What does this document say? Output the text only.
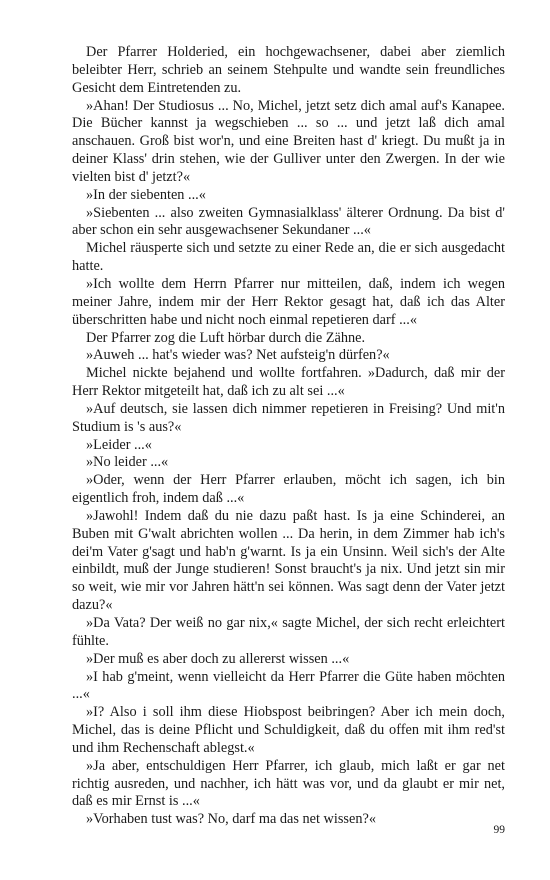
Der Pfarrer Holderied, ein hochgewachsener, dabei aber ziemlich beleibter Herr, schrieb an seinem Stehpulte und wandte sein freundliches Gesicht dem Eintretenden zu.

»Ahan! Der Studiosus ... No, Michel, jetzt setz dich amal auf's Kanapee. Die Bücher kannst ja wegschieben ... so ... und jetzt laß dich amal anschauen. Groß bist wor'n, und eine Breiten hast d' kriegt. Du mußt ja in deiner Klass' drin stehen, wie der Gulliver unter den Zwergen. In der wie vielten bist d' jetzt?«

»In der siebenten ...«

»Siebenten ... also zweiten Gymnasialklass' älterer Ordnung. Da bist d' aber schon ein sehr ausgewachsener Sekundaner ...«

Michel räusperte sich und setzte zu einer Rede an, die er sich ausgedacht hatte.

»Ich wollte dem Herrn Pfarrer nur mitteilen, daß, indem ich wegen meiner Jahre, indem mir der Herr Rektor gesagt hat, daß ich das Alter überschritten habe und nicht noch einmal repetieren darf ...«

Der Pfarrer zog die Luft hörbar durch die Zähne.

»Auweh ... hat's wieder was? Net aufsteig'n dürfen?«

Michel nickte bejahend und wollte fortfahren. »Dadurch, daß mir der Herr Rektor mitgeteilt hat, daß ich zu alt sei ...«

»Auf deutsch, sie lassen dich nimmer repetieren in Freising? Und mit'n Studium is 's aus?«

»Leider ...«

»No leider ...«

»Oder, wenn der Herr Pfarrer erlauben, möcht ich sagen, ich bin eigentlich froh, indem daß ...«

»Jawohl! Indem daß du nie dazu paßt hast. Is ja eine Schinderei, an Buben mit G'walt abrichten wollen ... Da herin, in dem Zimmer hab ich's dei'm Vater g'sagt und hab'n g'warnt. Is ja ein Unsinn. Weil sich's der Alte einbildt, muß der Junge studieren! Sonst braucht's ja nix. Und jetzt sin mir so weit, wie mir vor Jahren hätt'n sei können. Was sagt denn der Vater jetzt dazu?«

»Da Vata? Der weiß no gar nix,« sagte Michel, der sich recht erleichtert fühlte.

»Der muß es aber doch zu allererst wissen ...«

»I hab g'meint, wenn vielleicht da Herr Pfarrer die Güte haben möchten ...«

»I? Also i soll ihm diese Hiobspost beibringen? Aber ich mein doch, Michel, das is deine Pflicht und Schuldigkeit, daß du offen mit ihm red'st und ihm Rechenschaft ablegst.«

»Ja aber, entschuldigen Herr Pfarrer, ich glaub, mich laßt er gar net richtig ausreden, und nachher, ich hätt was vor, und da glaubt er mir net, daß es mir Ernst is ...«

»Vorhaben tust was? No, darf ma das net wissen?«

99
